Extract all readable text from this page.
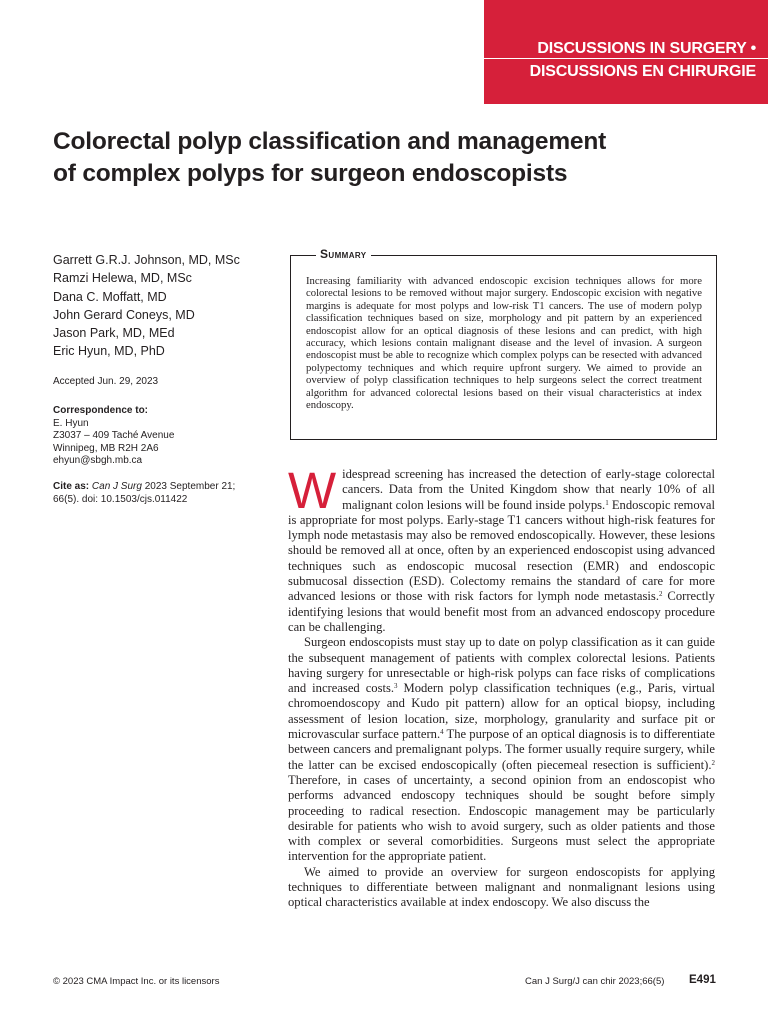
DISCUSSIONS IN SURGERY •
DISCUSSIONS EN CHIRURGIE
Colorectal polyp classification and management
of complex polyps for surgeon endoscopists
Garrett G.R.J. Johnson, MD, MSc
Ramzi Helewa, MD, MSc
Dana C. Moffatt, MD
John Gerard Coneys, MD
Jason Park, MD, MEd
Eric Hyun, MD, PhD
Accepted Jun. 29, 2023
Correspondence to:
E. Hyun
Z3037 – 409 Taché Avenue
Winnipeg, MB R2H 2A6
ehyun@sbgh.mb.ca
Cite as: Can J Surg 2023 September 21;
66(5). doi: 10.1503/cjs.011422
Summary
Increasing familiarity with advanced endoscopic excision techniques allows for more colorectal lesions to be removed without major surgery. Endoscopic excision with negative margins is adequate for most polyps and low-risk T1 cancers. The use of modern polyp classification techniques based on size, morphology and pit pattern by an experienced endoscopist allow for an optical diagnosis of these lesions and can predict, with high accuracy, which lesions contain malignant disease and the level of invasion. A surgeon endoscopist must be able to recognize which complex polyps can be resected with advanced polypectomy techniques and which require upfront surgery. We aimed to provide an overview of polyp classification techniques to help surgeons select the correct treatment algorithm for advanced colorectal lesions based on their visual characteristics at index endoscopy.

Widespread screening has increased the detection of early-stage colorectal cancers. Data from the United Kingdom show that nearly 10% of all malignant colon lesions will be found inside polyps.$^1$ Endoscopic removal is appropriate for most polyps. Early-stage T1 cancers without high-risk features for lymph node metastasis may also be removed endoscopically. However, these lesions should be removed all at once, often by an experienced endoscopist using advanced techniques such as endoscopic mucosal resection (EMR) and endoscopic submucosal dissection (ESD). Colectomy remains the standard of care for more advanced lesions or those with risk factors for lymph node metastasis.$^2$ Correctly identifying lesions that would benefit most from an advanced endoscopy procedure can be challenging.

Surgeon endoscopists must stay up to date on polyp classification as it can guide the subsequent management of patients with complex colorectal lesions. Patients having surgery for unresectable or high-risk polyps can face risks of complications and increased costs.$^3$ Modern polyp classification techniques (e.g., Paris, virtual chromoendoscopy and Kudo pit pattern) allow for an optical biopsy, including assessment of lesion location, size, morphology, granularity and surface pit or microvascular surface pattern.$^4$ The purpose of an optical diagnosis is to differentiate between cancers and premalignant polyps. The former usually require surgery, while the latter can be excised endoscopically (often piecemeal resection is sufficient).$^2$ Therefore, in cases of uncertainty, a second opinion from an endoscopist who performs advanced endoscopy techniques should be sought before simply proceeding to radical resection. Endoscopic management may be particularly desirable for patients who wish to avoid surgery, such as older patients and those with complex or several comorbidities. Surgeons must select the appropriate intervention for the appropriate patient.

We aimed to provide an overview for surgeon endoscopists for applying techniques to differentiate between malignant and nonmalignant lesions using optical characteristics available at index endoscopy. We also discuss the

© 2023 CMA Impact Inc. or its licensors	Can J Surg/J can chir 2023;66(5) E491
